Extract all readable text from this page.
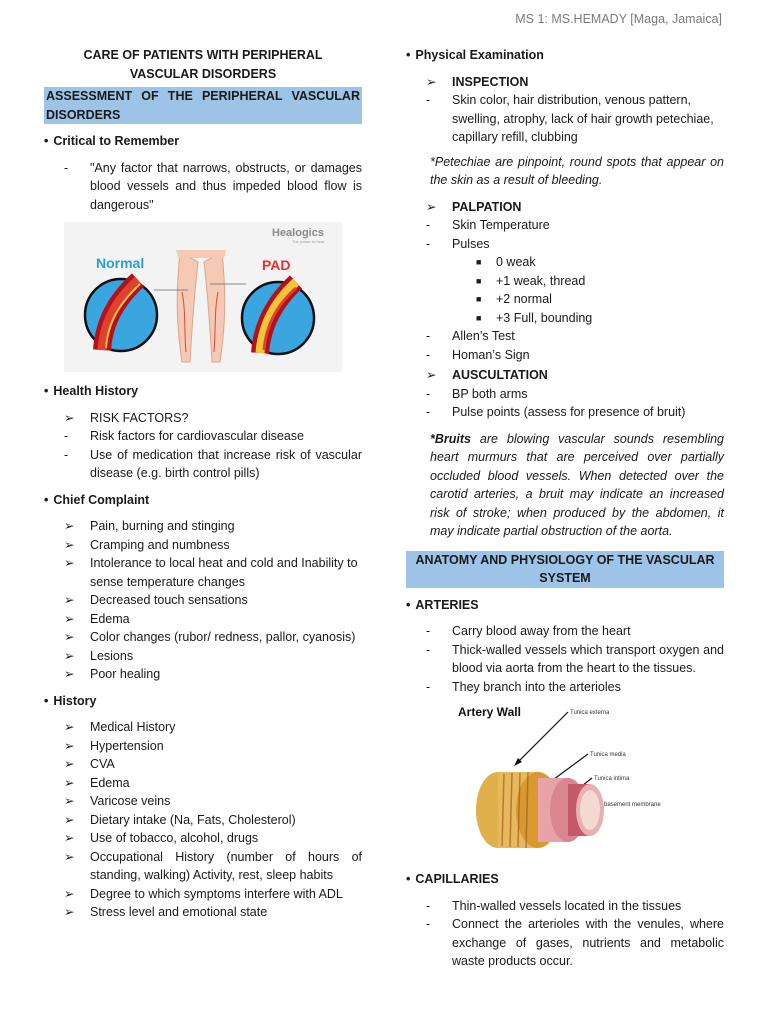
MS 1: MS.HEMADY [Maga, Jamaica]
CARE OF PATIENTS WITH PERIPHERAL VASCULAR DISORDERS
ASSESSMENT OF THE PERIPHERAL VASCULAR DISORDERS
• Critical to Remember
-	"Any factor that narrows, obstructs, or damages blood vessels and thus impeded blood flow is dangerous"
Healogics
The power to heal
Normal	PAD
• Health History
➢	RISK FACTORS?
-	Risk factors for cardiovascular disease
-	Use of medication that increase risk of vascular disease (e.g. birth control pills)
• Chief Complaint
➢	Pain, burning and stinging
➢	Cramping and numbness
➢	Intolerance to local heat and cold and Inability to sense temperature changes
➢	Decreased touch sensations
➢	Edema
➢	Color changes (rubor/ redness, pallor, cyanosis)
➢	Lesions
➢	Poor healing
• History
➢	Medical History
➢	Hypertension
➢	CVA
➢	Edema
➢	Varicose veins
➢	Dietary intake (Na, Fats, Cholesterol)
➢	Use of tobacco, alcohol, drugs
➢	Occupational History (number of hours of standing, walking) Activity, rest, sleep habits
➢	Degree to which symptoms interfere with ADL
➢	Stress level and emotional state
• Physical Examination
➢ INSPECTION
-	Skin color, hair distribution, venous pattern, swelling, atrophy, lack of hair growth petechiae, capillary refill, clubbing
*Petechiae are pinpoint, round spots that appear on the skin as a result of bleeding.
➢ PALPATION
-	Skin Temperature
-	Pulses
■ 0 weak
■ +1 weak, thread
■ +2 normal
■ +3 Full, bounding
-	Allen’s Test
-	Homan’s Sign
➢ AUSCULTATION
-	BP both arms
-	Pulse points (assess for presence of bruit)
*Bruits are blowing vascular sounds resembling heart murmurs that are perceived over partially occluded blood vessels. When detected over the carotid arteries, a bruit may indicate an increased risk of stroke; when produced by the abdomen, it may indicate partial obstruction of the aorta.
ANATOMY AND PHYSIOLOGY OF THE VASCULAR SYSTEM
• ARTERIES
-	Carry blood away from the heart
-	Thick-walled vessels which transport oxygen and blood via aorta from the heart to the tissues.
-	They branch into the arterioles
Artery Wall	Tunica externa
Tunica media
Tunica intima
basement membrane
• CAPILLARIES
-	Thin-walled vessels located in the tissues
-	Connect the arterioles with the venules, where exchange of gases, nutrients and metabolic waste products occur.
